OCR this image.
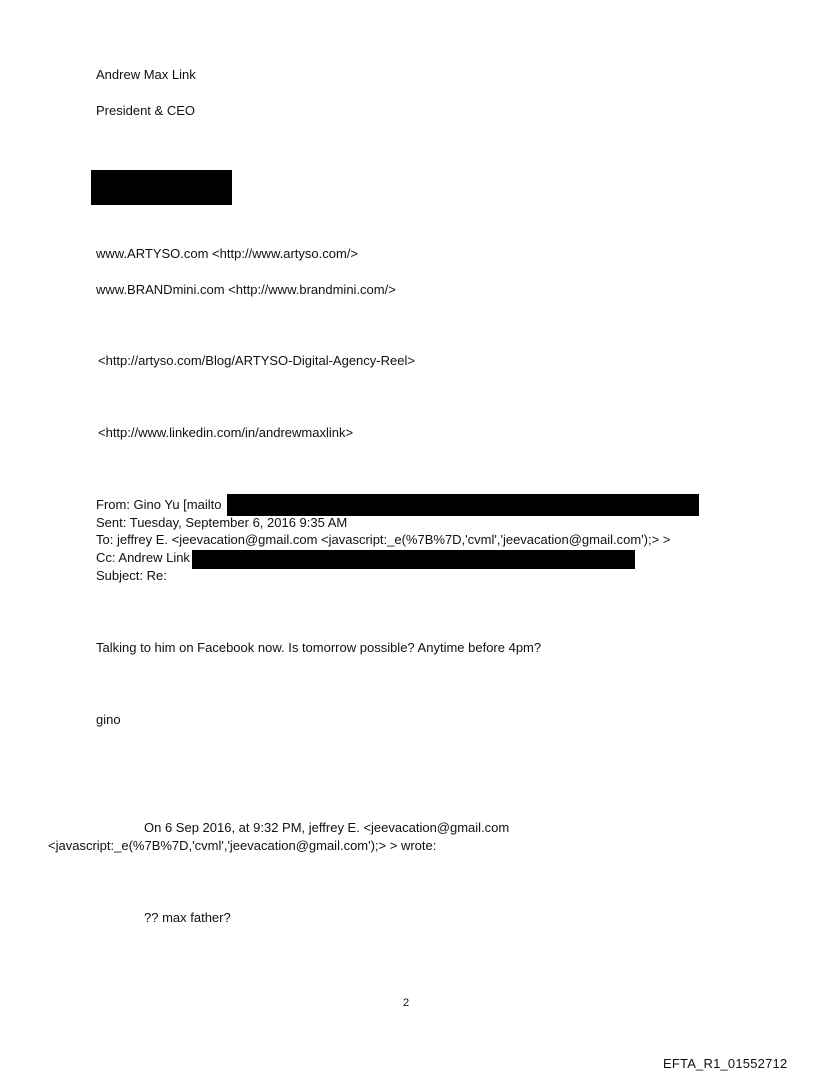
Andrew Max Link
President & CEO
www.ARTYSO.com <http://www.artyso.com/>
www.BRANDmini.com <http://www.brandmini.com/>
<http://artyso.com/Blog/ARTYSO-Digital-Agency-Reel>
<http://www.linkedin.com/in/andrewmaxlink>
From: Gino Yu [mailto
Sent: Tuesday, September 6, 2016 9:35 AM
To: jeffrey E. <jeevacation@gmail.com <javascript:_e(%7B%7D,'cvml','jeevacation@gmail.com');> >
Cc: Andrew Link
Subject: Re:
Talking to him on Facebook now. Is tomorrow possible? Anytime before 4pm?
gino
On 6 Sep 2016, at 9:32 PM, jeffrey E. <jeevacation@gmail.com
<javascript:_e(%7B%7D,'cvml','jeevacation@gmail.com');> > wrote:
?? max father?
2
EFTA_R1_01552712
